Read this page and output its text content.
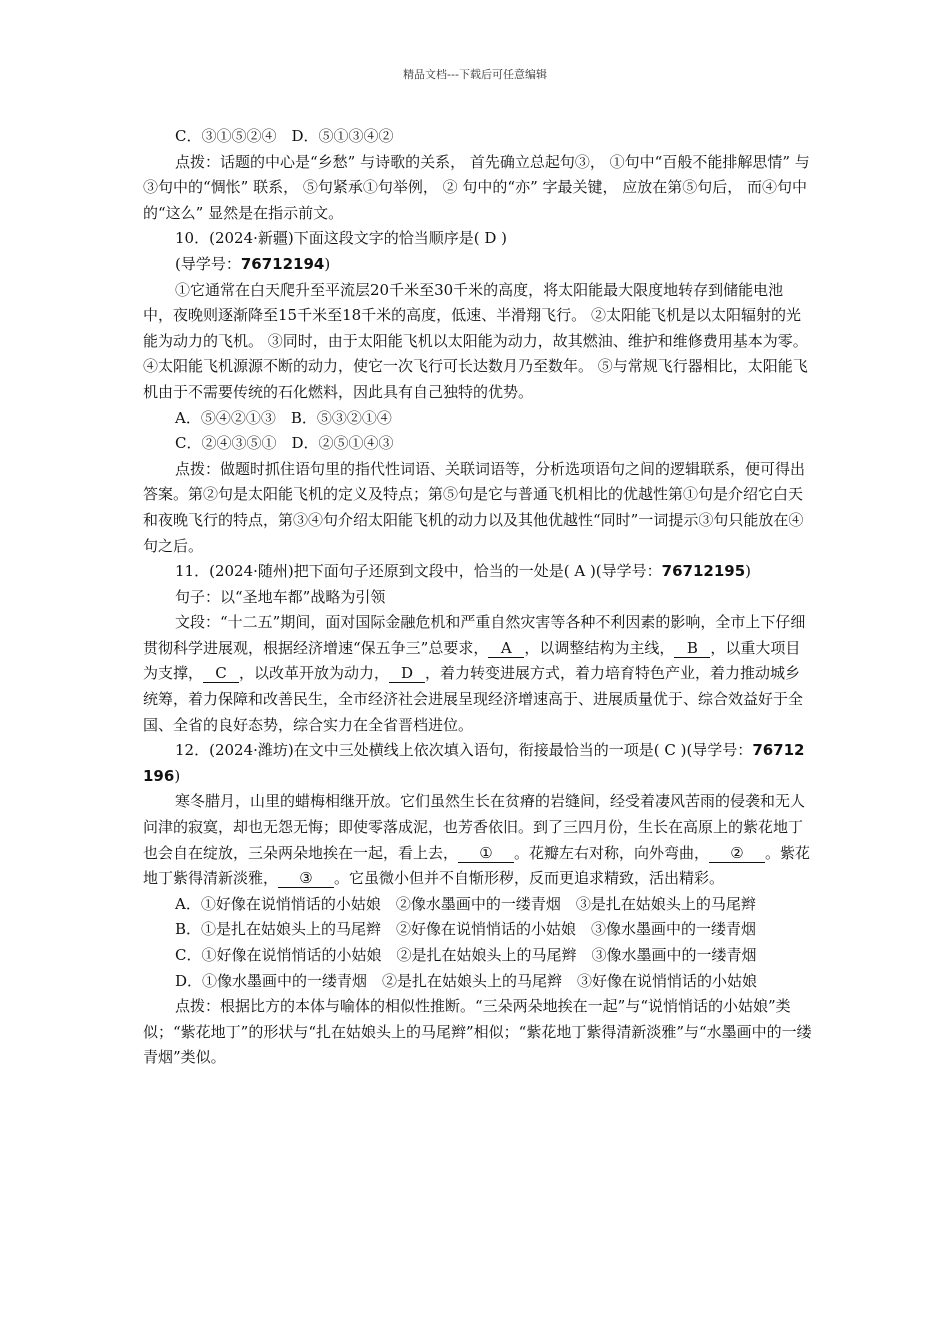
精品文档---下载后可任意编辑

C．③①⑤②④　D．⑤①③④②

点拨：话题的中心是“乡愁” 与诗歌的关系， 首先确立总起句③， ①句中“百般不能排解思情” 与③句中的“惆怅” 联系， ⑤句紧承①句举例， ② 句中的“亦” 字最关键， 应放在第⑤句后， 而④句中的“这么” 显然是在指示前文。

10．(2024·新疆)下面这段文字的恰当顺序是( D )

(导学号：76712194)

①它通常在白天爬升至平流层20千米至30千米的高度，将太阳能最大限度地转存到储能电池中，夜晚则逐渐降至15千米至18千米的高度，低速、半滑翔飞行。 ②太阳能飞机是以太阳辐射的光能为动力的飞机。 ③同时，由于太阳能飞机以太阳能为动力，故其燃油、维护和维修费用基本为零。 ④太阳能飞机源源不断的动力，使它一次飞行可长达数月乃至数年。 ⑤与常规飞行器相比，太阳能飞机由于不需要传统的石化燃料，因此具有自己独特的优势。

A．⑤④②①③　B．⑤③②①④

C．②④③⑤①　D．②⑤①④③

点拨：做题时抓住语句里的指代性词语、关联词语等，分析选项语句之间的逻辑联系，便可得出答案。第②句是太阳能飞机的定义及特点；第⑤句是它与普通飞机相比的优越性第①句是介绍它白天和夜晚飞行的特点，第③④句介绍太阳能飞机的动力以及其他优越性“同时”一词提示③句只能放在④句之后。

11．(2024·随州)把下面句子还原到文段中，恰当的一处是( A )(导学号：76712195)

句子：以“圣地车都”战略为引领

文段：“十二五”期间，面对国际金融危机和严重自然灾害等各种不利因素的影响，全市上下仔细贯彻科学进展观，根据经济增速“保五争三”总要求， A ，以调整结构为主线， B ，以重大项目为支撑， C ，以改革开放为动力， D ，着力转变进展方式，着力培育特色产业，着力推动城乡统筹，着力保障和改善民生，全市经济社会进展呈现经济增速高于、进展质量优于、综合效益好于全国、全省的良好态势，综合实力在全省晋档进位。

12．(2024·潍坊)在文中三处横线上依次填入语句，衔接最恰当的一项是( C )(导学号：76712196)

寒冬腊月，山里的蜡梅相继开放。它们虽然生长在贫瘠的岩缝间，经受着凄风苦雨的侵袭和无人问津的寂寞，却也无怨无悔；即使零落成泥，也芳香依旧。到了三四月份，生长在高原上的紫花地丁也会自在绽放，三朵两朵地挨在一起，看上去， ① 。花瓣左右对称，向外弯曲， ② 。紫花地丁紫得清新淡雅， ③ 。它虽微小但并不自惭形秽，反而更追求精致，活出精彩。

A．①好像在说悄悄话的小姑娘　②像水墨画中的一缕青烟　③是扎在姑娘头上的马尾辫

B．①是扎在姑娘头上的马尾辫　②好像在说悄悄话的小姑娘　③像水墨画中的一缕青烟

C．①好像在说悄悄话的小姑娘　②是扎在姑娘头上的马尾辫　③像水墨画中的一缕青烟

D．①像水墨画中的一缕青烟　②是扎在姑娘头上的马尾辫　③好像在说悄悄话的小姑娘

点拨：根据比方的本体与喻体的相似性推断。“三朵两朵地挨在一起”与“说悄悄话的小姑娘”类似；“紫花地丁”的形状与“扎在姑娘头上的马尾辫”相似；“紫花地丁紫得清新淡雅”与“水墨画中的一缕青烟”类似。
